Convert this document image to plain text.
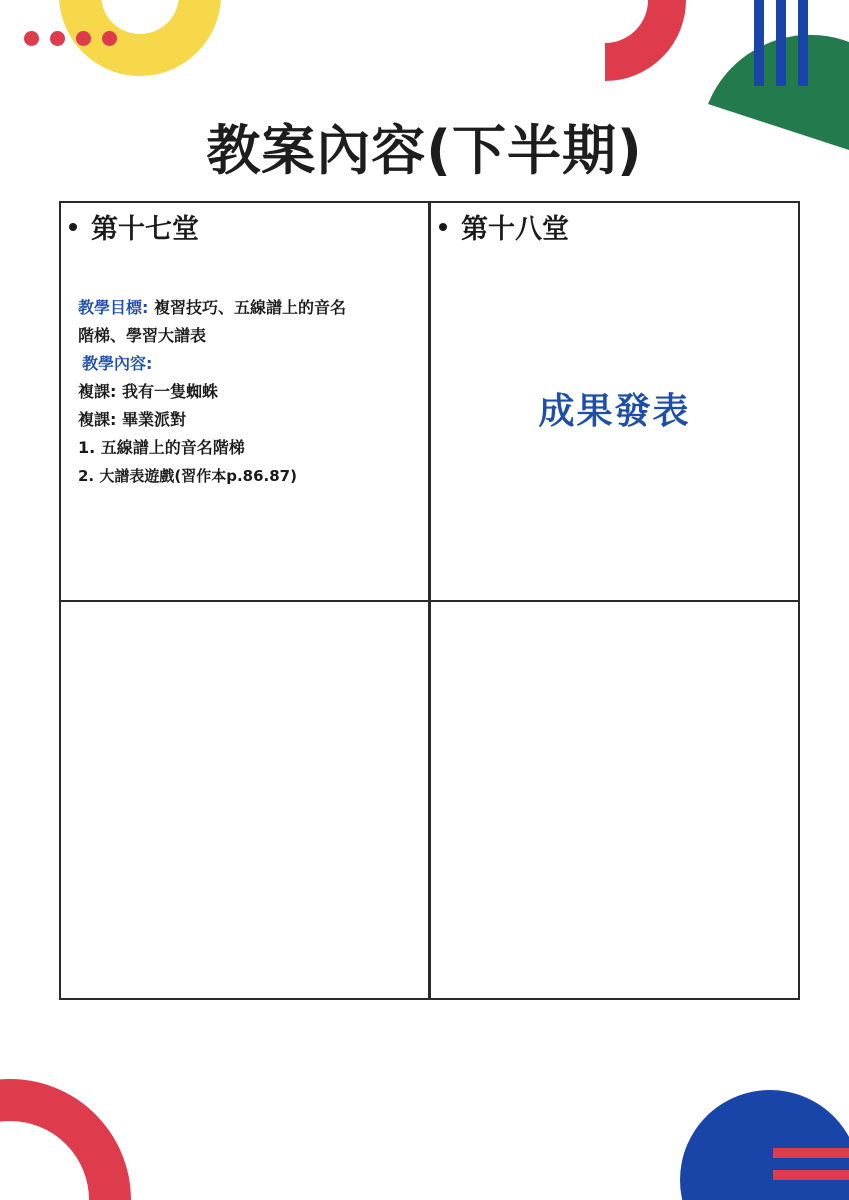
教案內容(下半期)
第十七堂
教學目標: 複習技巧、五線譜上的音名
階梯、學習大譜表
教學內容:
複課: 我有一隻蜘蛛
複課: 畢業派對
1. 五線譜上的音名階梯
2. 大譜表遊戲(習作本p.86.87)
第十八堂
成果發表
